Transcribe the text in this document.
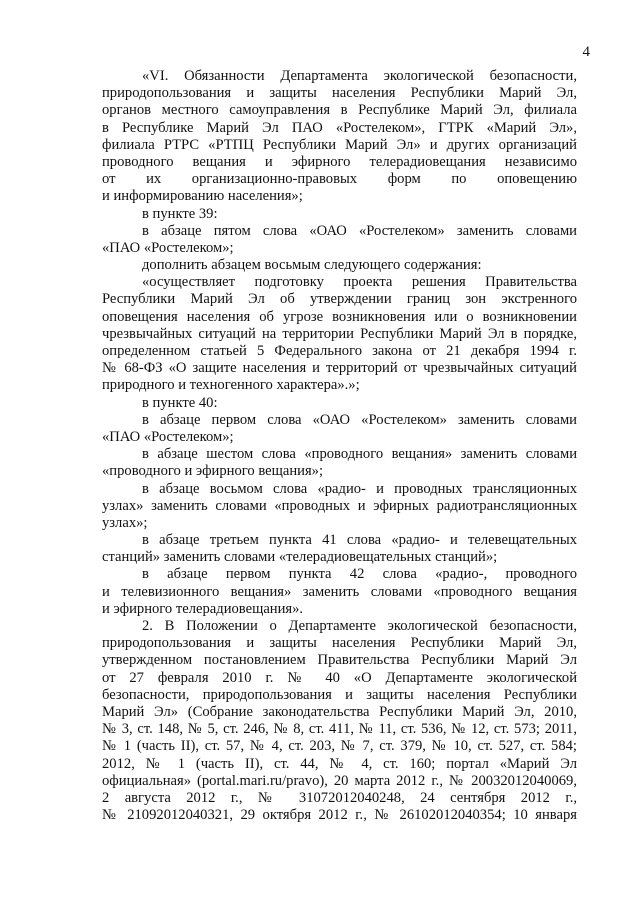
4
«VI. Обязанности Департамента экологической безопасности,
природопользования и защиты населения Республики Марий Эл,
органов местного самоуправления в Республике Марий Эл, филиала
в Республике Марий Эл ПАО «Ростелеком», ГТРК «Марий Эл»,
филиала РТРС «РТПЦ Республики Марий Эл» и других организаций
проводного вещания и эфирного телерадиовещания независимо
от их организационно-правовых форм по оповещению
и информированию населения»;
в пункте 39:
в абзаце пятом слова «ОАО «Ростелеком» заменить словами
«ПАО «Ростелеком»;
дополнить абзацем восьмым следующего содержания:
«осуществляет подготовку проекта решения Правительства
Республики Марий Эл об утверждении границ зон экстренного
оповещения населения об угрозе возникновения или о возникновении
чрезвычайных ситуаций на территории Республики Марий Эл в порядке,
определенном статьей 5 Федерального закона от 21 декабря 1994 г.
№ 68-ФЗ «О защите населения и территорий от чрезвычайных ситуаций
природного и техногенного характера».»;
в пункте 40:
в абзаце первом слова «ОАО «Ростелеком» заменить словами
«ПАО «Ростелеком»;
в абзаце шестом слова «проводного вещания» заменить словами
«проводного и эфирного вещания»;
в абзаце восьмом слова «радио- и проводных трансляционных
узлах» заменить словами «проводных и эфирных радиотрансляционных
узлах»;
в абзаце третьем пункта 41 слова «радио- и телевещательных
станций» заменить словами «телерадиовещательных станций»;
в абзаце первом пункта 42 слова «радио-, проводного
и телевизионного вещания» заменить словами «проводного вещания
и эфирного телерадиовещания».
2. В Положении о Департаменте экологической безопасности,
природопользования и защиты населения Республики Марий Эл,
утвержденном постановлением Правительства Республики Марий Эл
от 27 февраля 2010 г. № 40 «О Департаменте экологической
безопасности, природопользования и защиты населения Республики
Марий Эл» (Собрание законодательства Республики Марий Эл, 2010,
№ 3, ст. 148, № 5, ст. 246, № 8, ст. 411, № 11, ст. 536, № 12, ст. 573; 2011,
№ 1 (часть II), ст. 57, № 4, ст. 203, № 7, ст. 379, № 10, ст. 527, ст. 584;
2012, № 1 (часть II), ст. 44, № 4, ст. 160; портал «Марий Эл
официальная» (portal.mari.ru/pravo), 20 марта 2012 г., № 20032012040069,
2 августа 2012 г., № 31072012040248, 24 сентября 2012 г.,
№ 21092012040321, 29 октября 2012 г., № 26102012040354; 10 января
